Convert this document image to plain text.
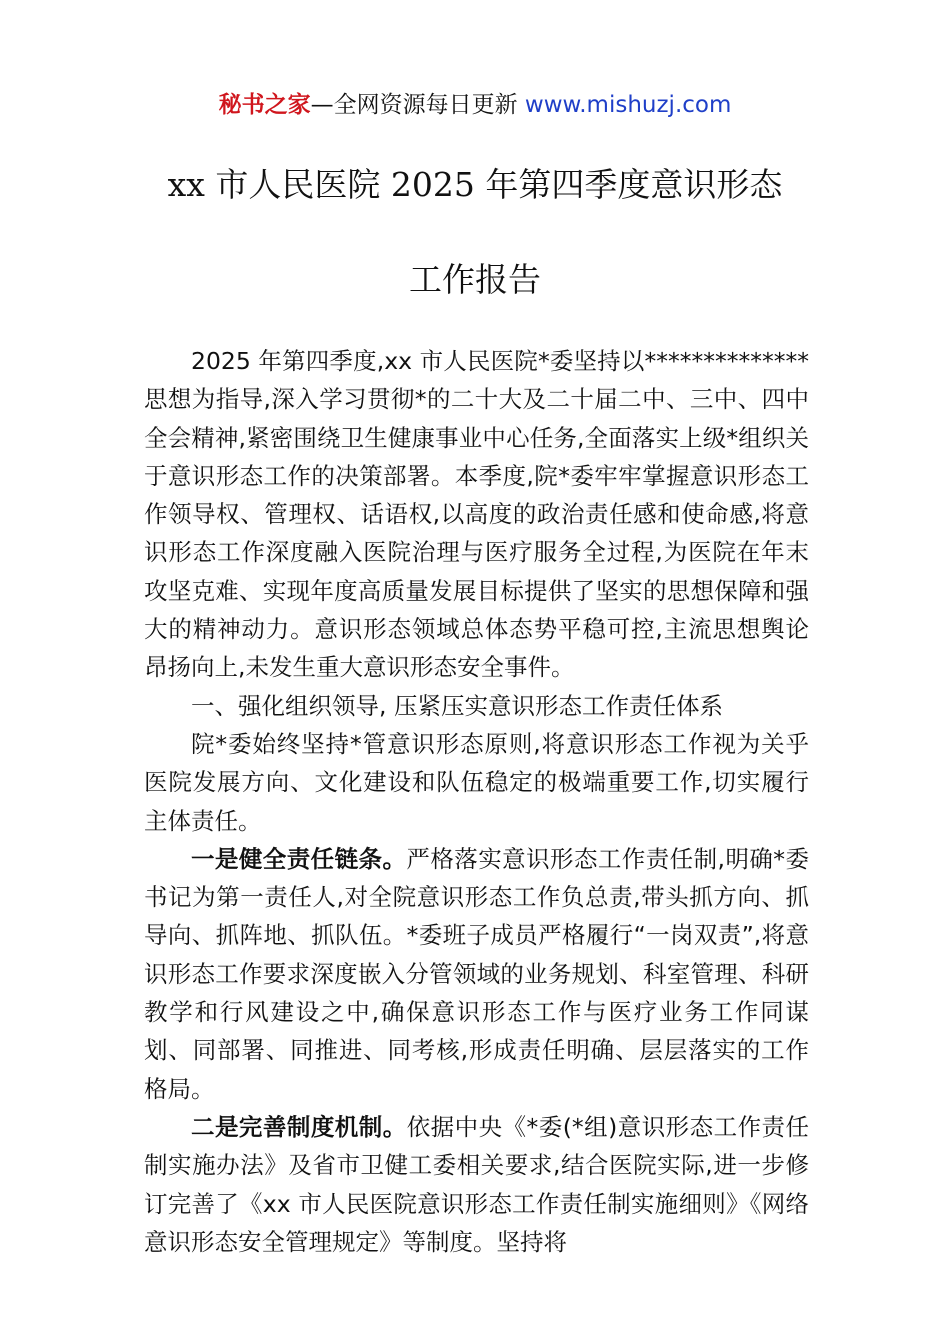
秘书之家—全网资源每日更新 www.mishuzj.com
xx 市人民医院 2025 年第四季度意识形态
工作报告

2025 年第四季度,xx 市人民医院*委坚持以**************思想为指导,深入学习贯彻*的二十大及二十届二中、三中、四中全会精神,紧密围绕卫生健康事业中心任务,全面落实上级*组织关于意识形态工作的决策部署。本季度,院*委牢牢掌握意识形态工作领导权、管理权、话语权,以高度的政治责任感和使命感,将意识形态工作深度融入医院治理与医疗服务全过程,为医院在年末攻坚克难、实现年度高质量发展目标提供了坚实的思想保障和强大的精神动力。意识形态领域总体态势平稳可控,主流思想舆论昂扬向上,未发生重大意识形态安全事件。

一、强化组织领导, 压紧压实意识形态工作责任体系

院*委始终坚持*管意识形态原则,将意识形态工作视为关乎医院发展方向、文化建设和队伍稳定的极端重要工作,切实履行主体责任。

一是健全责任链条。严格落实意识形态工作责任制,明确*委书记为第一责任人,对全院意识形态工作负总责,带头抓方向、抓导向、抓阵地、抓队伍。*委班子成员严格履行“一岗双责”,将意识形态工作要求深度嵌入分管领域的业务规划、科室管理、科研教学和行风建设之中,确保意识形态工作与医疗业务工作同谋划、同部署、同推进、同考核,形成责任明确、层层落实的工作格局。

二是完善制度机制。依据中央《*委(*组)意识形态工作责任制实施办法》及省市卫健工委相关要求,结合医院实际,进一步修订完善了《xx 市人民医院意识形态工作责任制实施细则》《网络意识形态安全管理规定》等制度。坚持将
